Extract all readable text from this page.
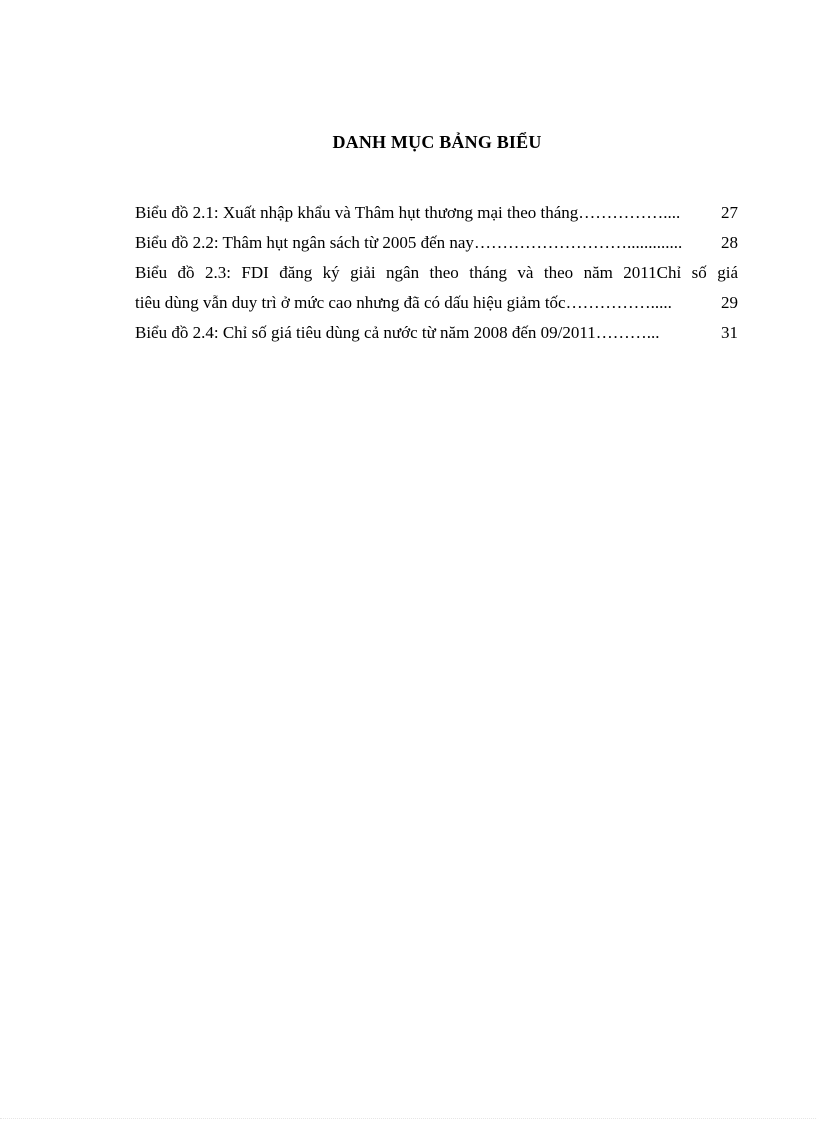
DANH MỤC BẢNG BIỂU
Biểu đồ 2.1: Xuất nhập khẩu và Thâm hụt thương mại theo tháng ……………....	27
Biểu đồ 2.2: Thâm hụt ngân sách từ 2005 đến nay ……………………….............	28
Biểu đồ 2.3: FDI đăng ký giải ngân theo tháng và theo năm 2011Chỉ số giá
tiêu dùng vẫn duy trì ở mức cao nhưng đã có dấu hiệu giảm tốc …………….....	29
Biểu đồ 2.4: Chỉ số giá tiêu dùng cả nước từ năm 2008 đến 09/2011 ………...	31
